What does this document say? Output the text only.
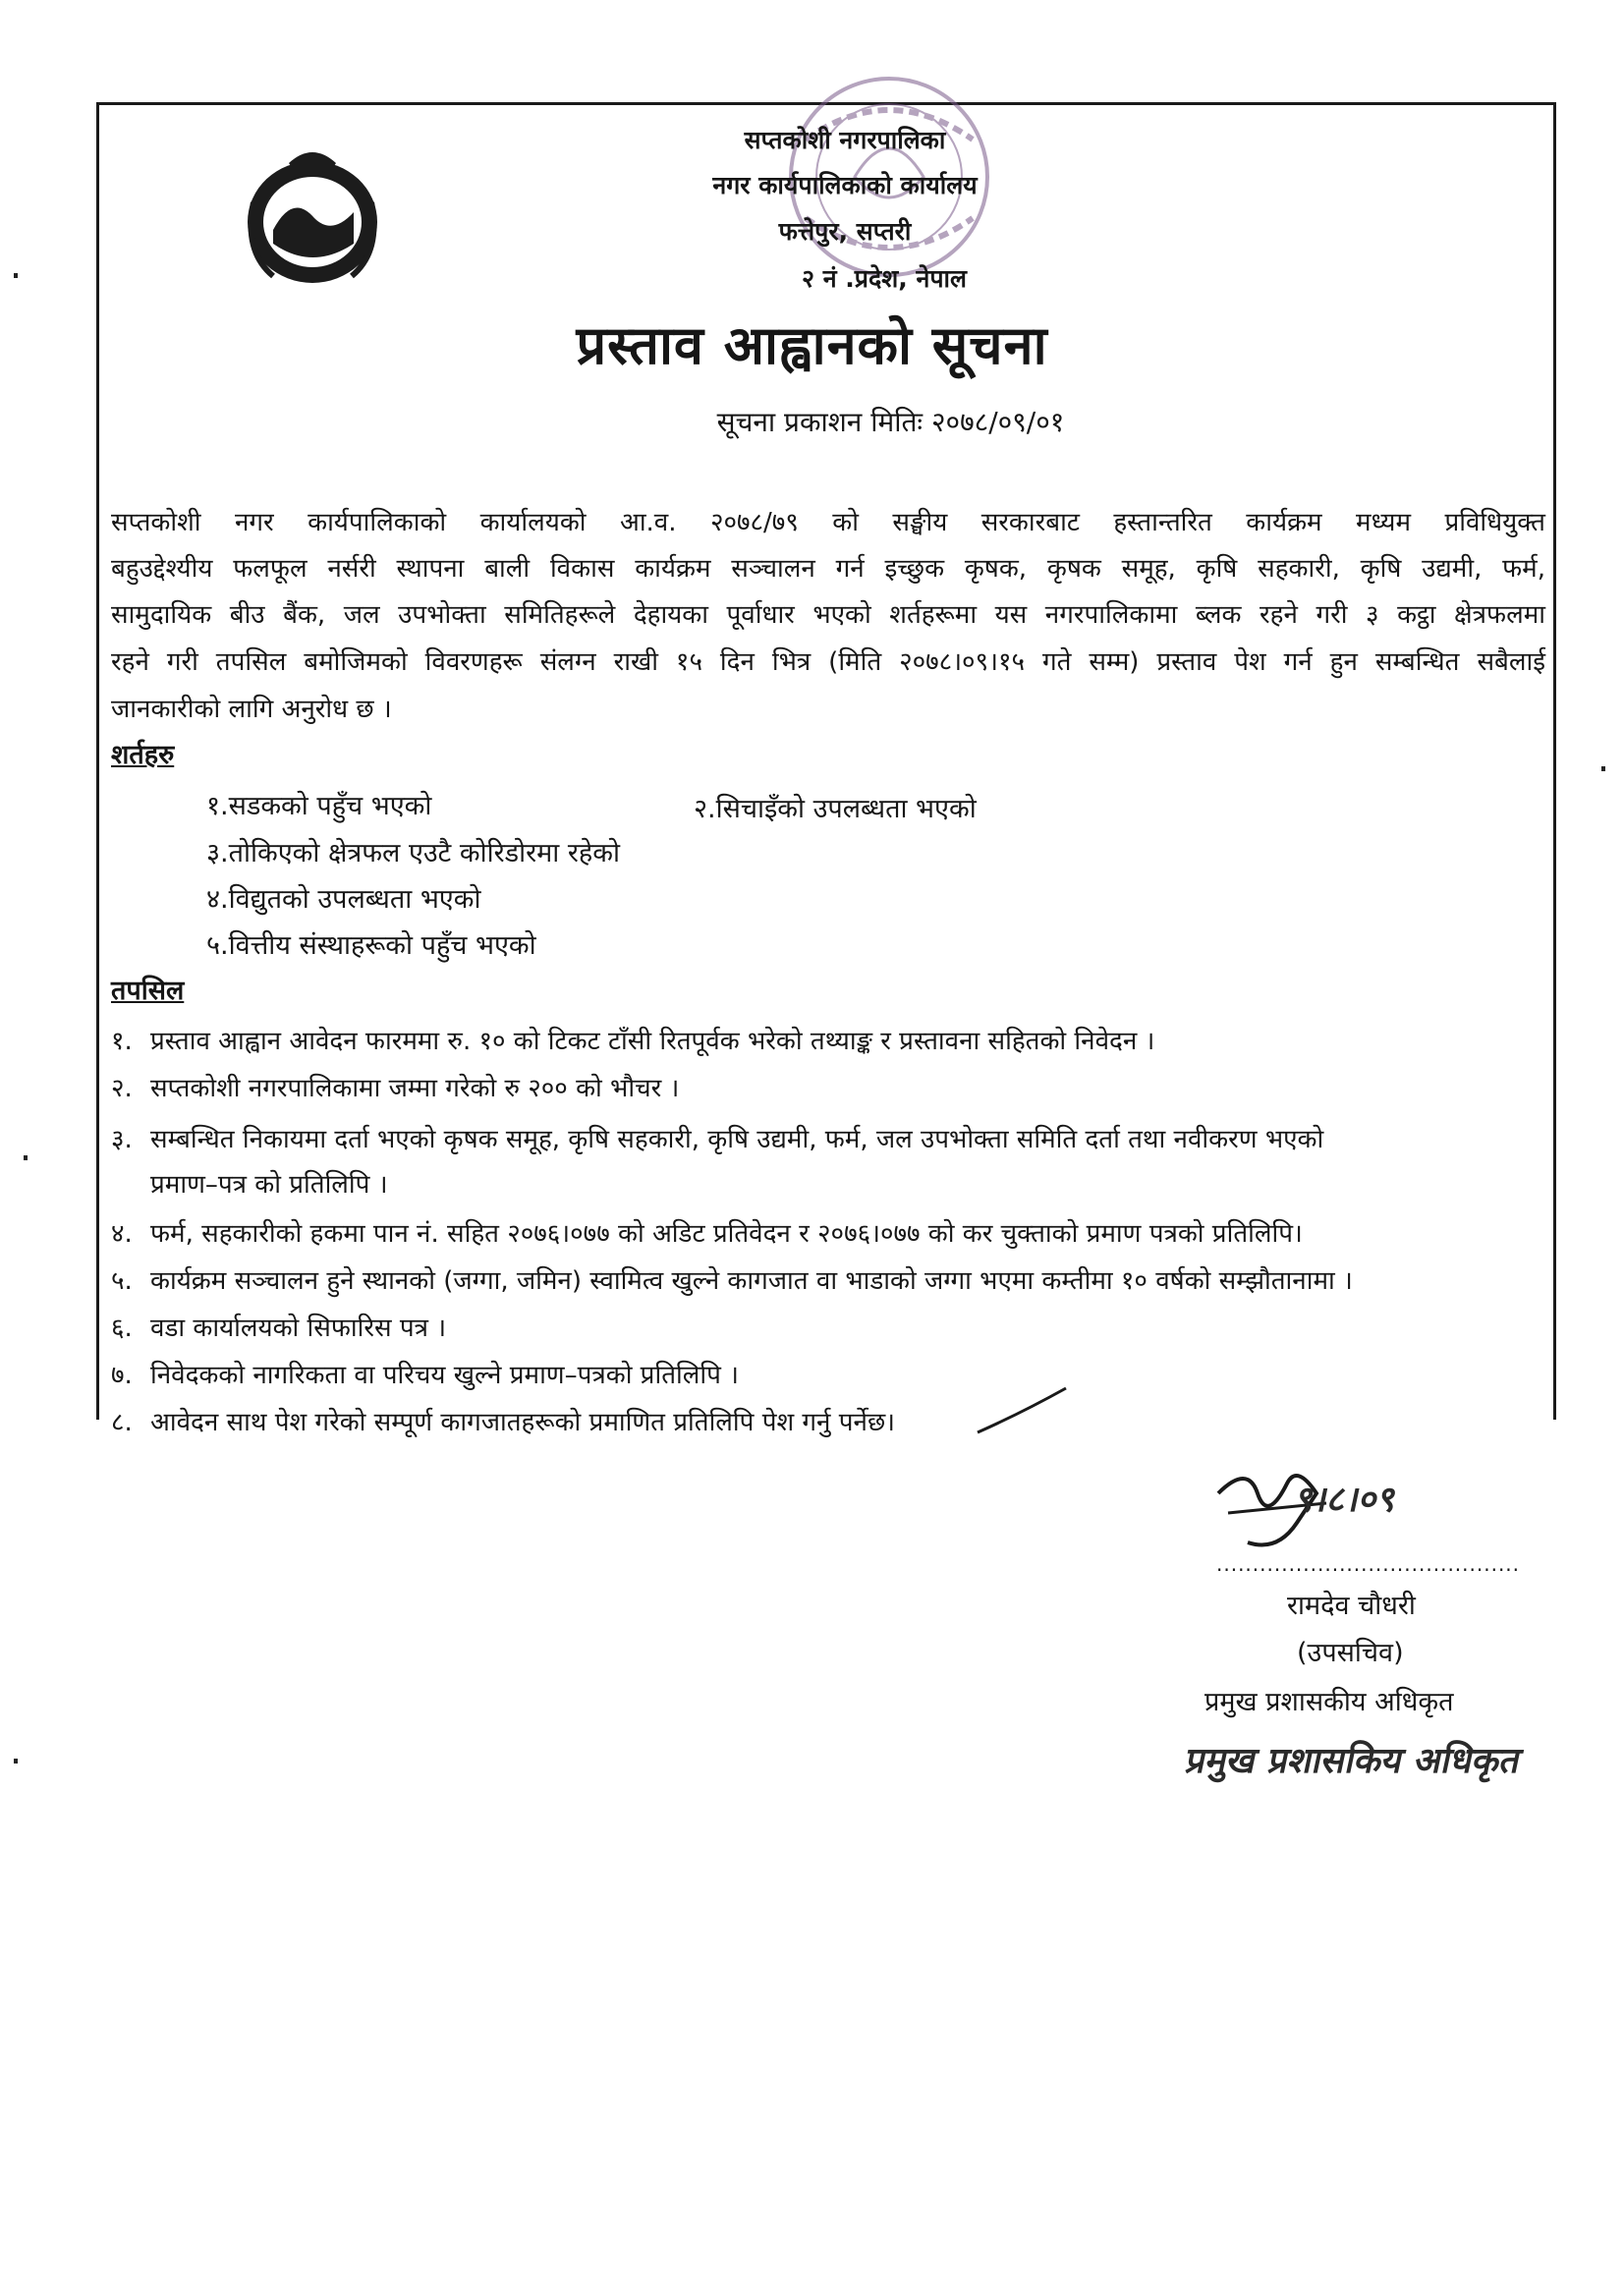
सप्तकोशी नगरपालिका
नगर कार्यपालिकाको कार्यालय
फत्तेपुर, सप्तरी
२ नं .प्रदेश, नेपाल
प्रस्ताव आह्वानको सूचना
सूचना प्रकाशन मितिः २०७८/०९/०१
सप्तकोशी नगर कार्यपालिकाको कार्यालयको आ.व. २०७८/७९ को सङ्घीय सरकारबाट हस्तान्तरित कार्यक्रम मध्यम प्रविधियुक्त
बहुउद्देश्यीय फलफूल नर्सरी स्थापना बाली विकास कार्यक्रम सञ्चालन गर्न इच्छुक कृषक, कृषक समूह, कृषि सहकारी, कृषि उद्यमी, फर्म,
सामुदायिक बीउ बैंक, जल उपभोक्ता समितिहरूले देहायका पूर्वाधार भएको शर्तहरूमा यस नगरपालिकामा ब्लक रहने गरी ३ कट्ठा क्षेत्रफलमा
रहने गरी तपसिल बमोजिमको विवरणहरू संलग्न राखी १५ दिन भित्र (मिति २०७८।०९।१५ गते सम्म) प्रस्ताव पेश गर्न हुन सम्बन्धित सबैलाई
जानकारीको लागि अनुरोध छ ।
शर्तहरु
१.सडकको पहुँच भएको	२.सिचाइँको उपलब्धता भएको
३.तोकिएको क्षेत्रफल एउटै कोरिडोरमा रहेको
४.विद्युतको उपलब्धता भएको
५.वित्तीय संस्थाहरूको पहुँच भएको
तपसिल
१. प्रस्ताव आह्वान आवेदन फारममा रु. १० को टिकट टाँसी रितपूर्वक भरेको तथ्याङ्क र प्रस्तावना सहितको निवेदन ।
२. सप्तकोशी नगरपालिकामा जम्मा गरेको रु २०० को भौचर ।
३. सम्बन्धित निकायमा दर्ता भएको कृषक समूह, कृषि सहकारी, कृषि उद्यमी, फर्म, जल उपभोक्ता समिति दर्ता तथा नवीकरण भएको
प्रमाण–पत्र को प्रतिलिपि ।
४. फर्म, सहकारीको हकमा पान नं. सहित २०७६।०७७ को अडिट प्रतिवेदन र २०७६।०७७ को कर चुक्ताको प्रमाण पत्रको प्रतिलिपि।
५. कार्यक्रम सञ्चालन हुने स्थानको (जग्गा, जमिन) स्वामित्व खुल्ने कागजात वा भाडाको जग्गा भएमा कम्तीमा १० वर्षको सम्झौतानामा ।
६. वडा कार्यालयको सिफारिस पत्र ।
७. निवेदकको नागरिकता वा परिचय खुल्ने प्रमाण–पत्रको प्रतिलिपि ।
८. आवेदन साथ पेश गरेको सम्पूर्ण कागजातहरूको प्रमाणित प्रतिलिपि पेश गर्नु पर्नेछ।
९।८।०९
..........................................
रामदेव चौधरी
(उपसचिव)
प्रमुख प्रशासकीय अधिकृत
प्रमुख प्रशासकिय अधिकृत
